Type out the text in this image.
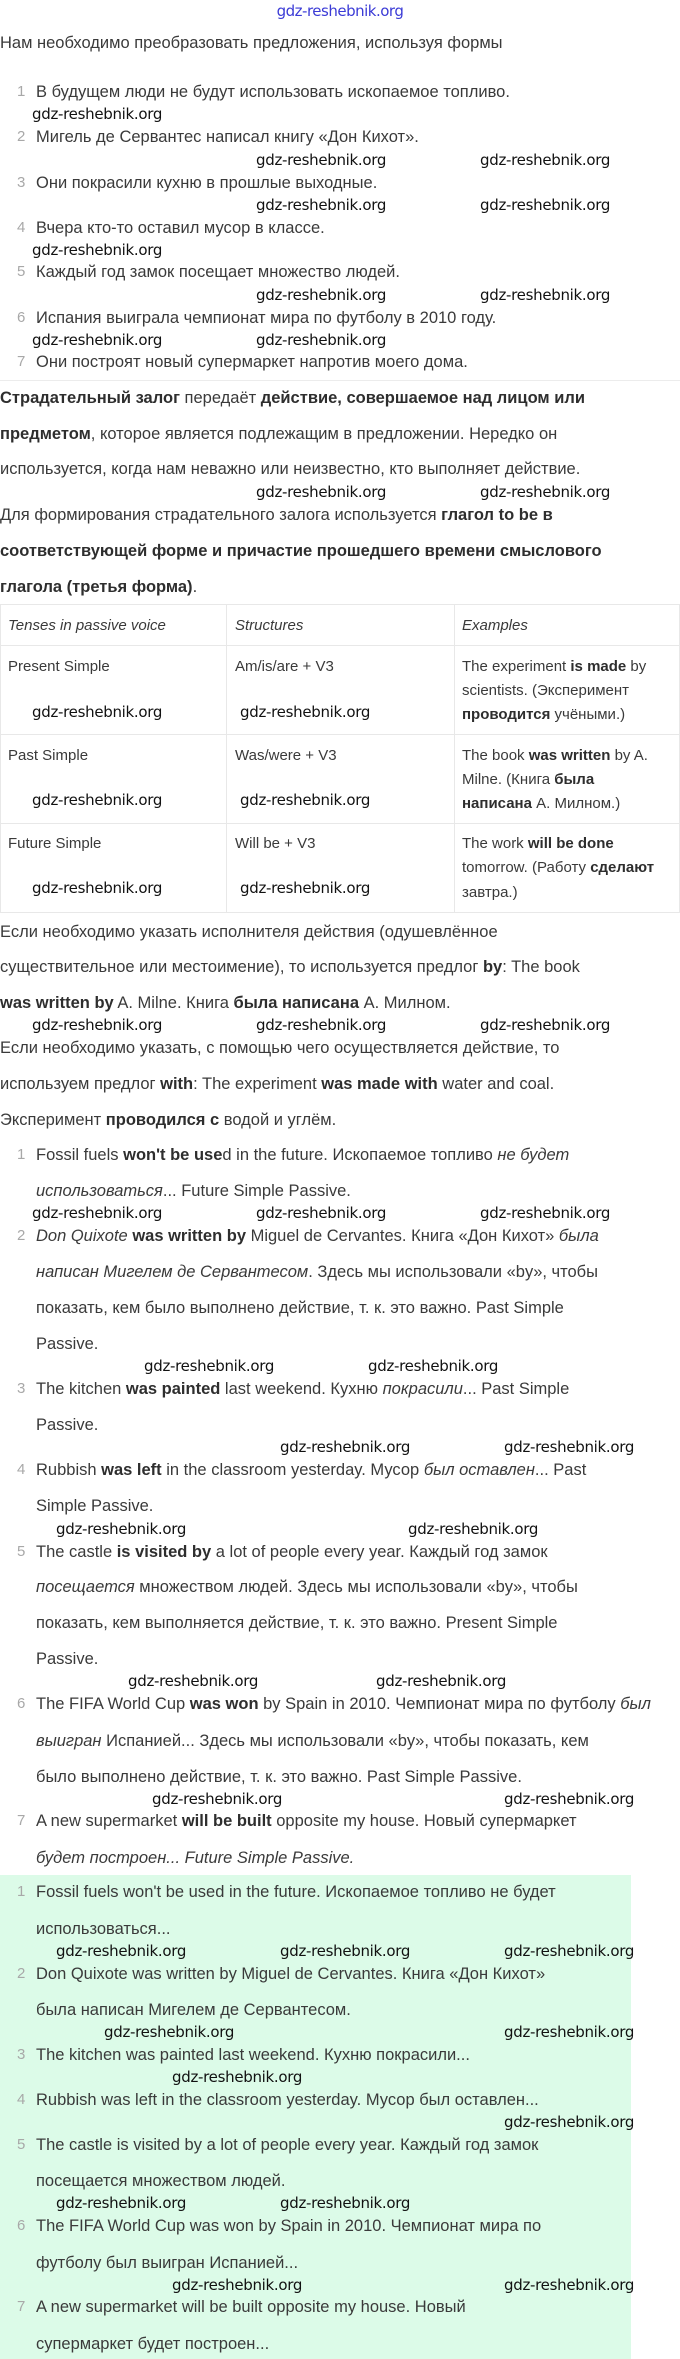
gdz-reshebnik.org

Нам необходимо преобразовать предложения, используя формы
1 В будущем люди не будут использовать ископаемое топливо.
2 Мигель де Сервантес написал книгу «Дон Кихот».
3 Они покрасили кухню в прошлые выходные.
4 Вчера кто-то оставил мусор в классе.
5 Каждый год замок посещает множество людей.
6 Испания выиграла чемпионат мира по футболу в 2010 году.
7 Они построят новый супермаркет напротив моего дома.
Страдательный залог передаёт действие, совершаемое над лицом или
предметом, которое является подлежащим в предложении. Нередко он
используется, когда нам неважно или неизвестно, кто выполняет действие.
Для формирования страдательного залога используется глагол to be в
соответствующей форме и причастие прошедшего времени смыслового
глагола (третья форма).
Tenses in passive voice	Structures	Examples
Present Simple	Am/is/are + V3	The experiment is made by
scientists. (Эксперимент
проводится учёными.)
Past Simple	Was/were + V3	The book was written by A.
Milne. (Книга была
написана А. Милном.)
Future Simple	Will be + V3	The work will be done
tomorrow. (Работу сделают
завтра.)
Если необходимо указать исполнителя действия (одушевлённое
существительное или местоимение), то используется предлог by: The book
was written by A. Milne. Книга была написана А. Милном.
Если необходимо указать, с помощью чего осуществляется действие, то
используем предлог with: The experiment was made with water and coal.
Эксперимент проводился с водой и углём.
1 Fossil fuels won't be used in the future. Ископаемое топливо не будет
использоваться... Future Simple Passive.
2 Don Quixote was written by Miguel de Cervantes. Книга «Дон Кихот» была
написан Мигелем де Сервантесом. Здесь мы использовали «by», чтобы
показать, кем было выполнено действие, т. к. это важно. Past Simple
Passive.
3 The kitchen was painted last weekend. Кухню покрасили... Past Simple
Passive.
4 Rubbish was left in the classroom yesterday. Мусор был оставлен... Past
Simple Passive.
5 The castle is visited by a lot of people every year. Каждый год замок
посещается множеством людей. Здесь мы использовали «by», чтобы
показать, кем выполняется действие, т. к. это важно. Present Simple
Passive.
6 The FIFA World Cup was won by Spain in 2010. Чемпионат мира по футболу был
выигран Испанией... Здесь мы использовали «by», чтобы показать, кем
было выполнено действие, т. к. это важно. Past Simple Passive.
7 A new supermarket will be built opposite my house. Новый супермаркет
будет построен... Future Simple Passive.
1 Fossil fuels won't be used in the future. Ископаемое топливо не будет
использоваться...
2 Don Quixote was written by Miguel de Cervantes. Книга «Дон Кихот»
была написан Мигелем де Сервантесом.
3 The kitchen was painted last weekend. Кухню покрасили...
4 Rubbish was left in the classroom yesterday. Мусор был оставлен...
5 The castle is visited by a lot of people every year. Каждый год замок
посещается множеством людей.
6 The FIFA World Cup was won by Spain in 2010. Чемпионат мира по
футболу был выигран Испанией...
7 A new supermarket will be built opposite my house. Новый
супермаркет будет построен...
gdz-reshebnik.org
gdz-reshebnik.org	gdz-reshebnik.org
gdz-reshebnik.org	gdz-reshebnik.org
gdz-reshebnik.org
gdz-reshebnik.org	gdz-reshebnik.org
gdz-reshebnik.org	gdz-reshebnik.org
gdz-reshebnik.org	gdz-reshebnik.org
gdz-reshebnik.org	gdz-reshebnik.org
gdz-reshebnik.org	gdz-reshebnik.org
gdz-reshebnik.org	gdz-reshebnik.org
gdz-reshebnik.org	gdz-reshebnik.org	gdz-reshebnik.org
gdz-reshebnik.org	gdz-reshebnik.org	gdz-reshebnik.org
gdz-reshebnik.org	gdz-reshebnik.org
gdz-reshebnik.org	gdz-reshebnik.org
gdz-reshebnik.org	gdz-reshebnik.org
gdz-reshebnik.org	gdz-reshebnik.org
gdz-reshebnik.org	gdz-reshebnik.org
gdz-reshebnik.org	gdz-reshebnik.org	gdz-reshebnik.org
gdz-reshebnik.org	gdz-reshebnik.org
gdz-reshebnik.org
gdz-reshebnik.org
gdz-reshebnik.org	gdz-reshebnik.org
gdz-reshebnik.org
gdz-reshebnik.org
